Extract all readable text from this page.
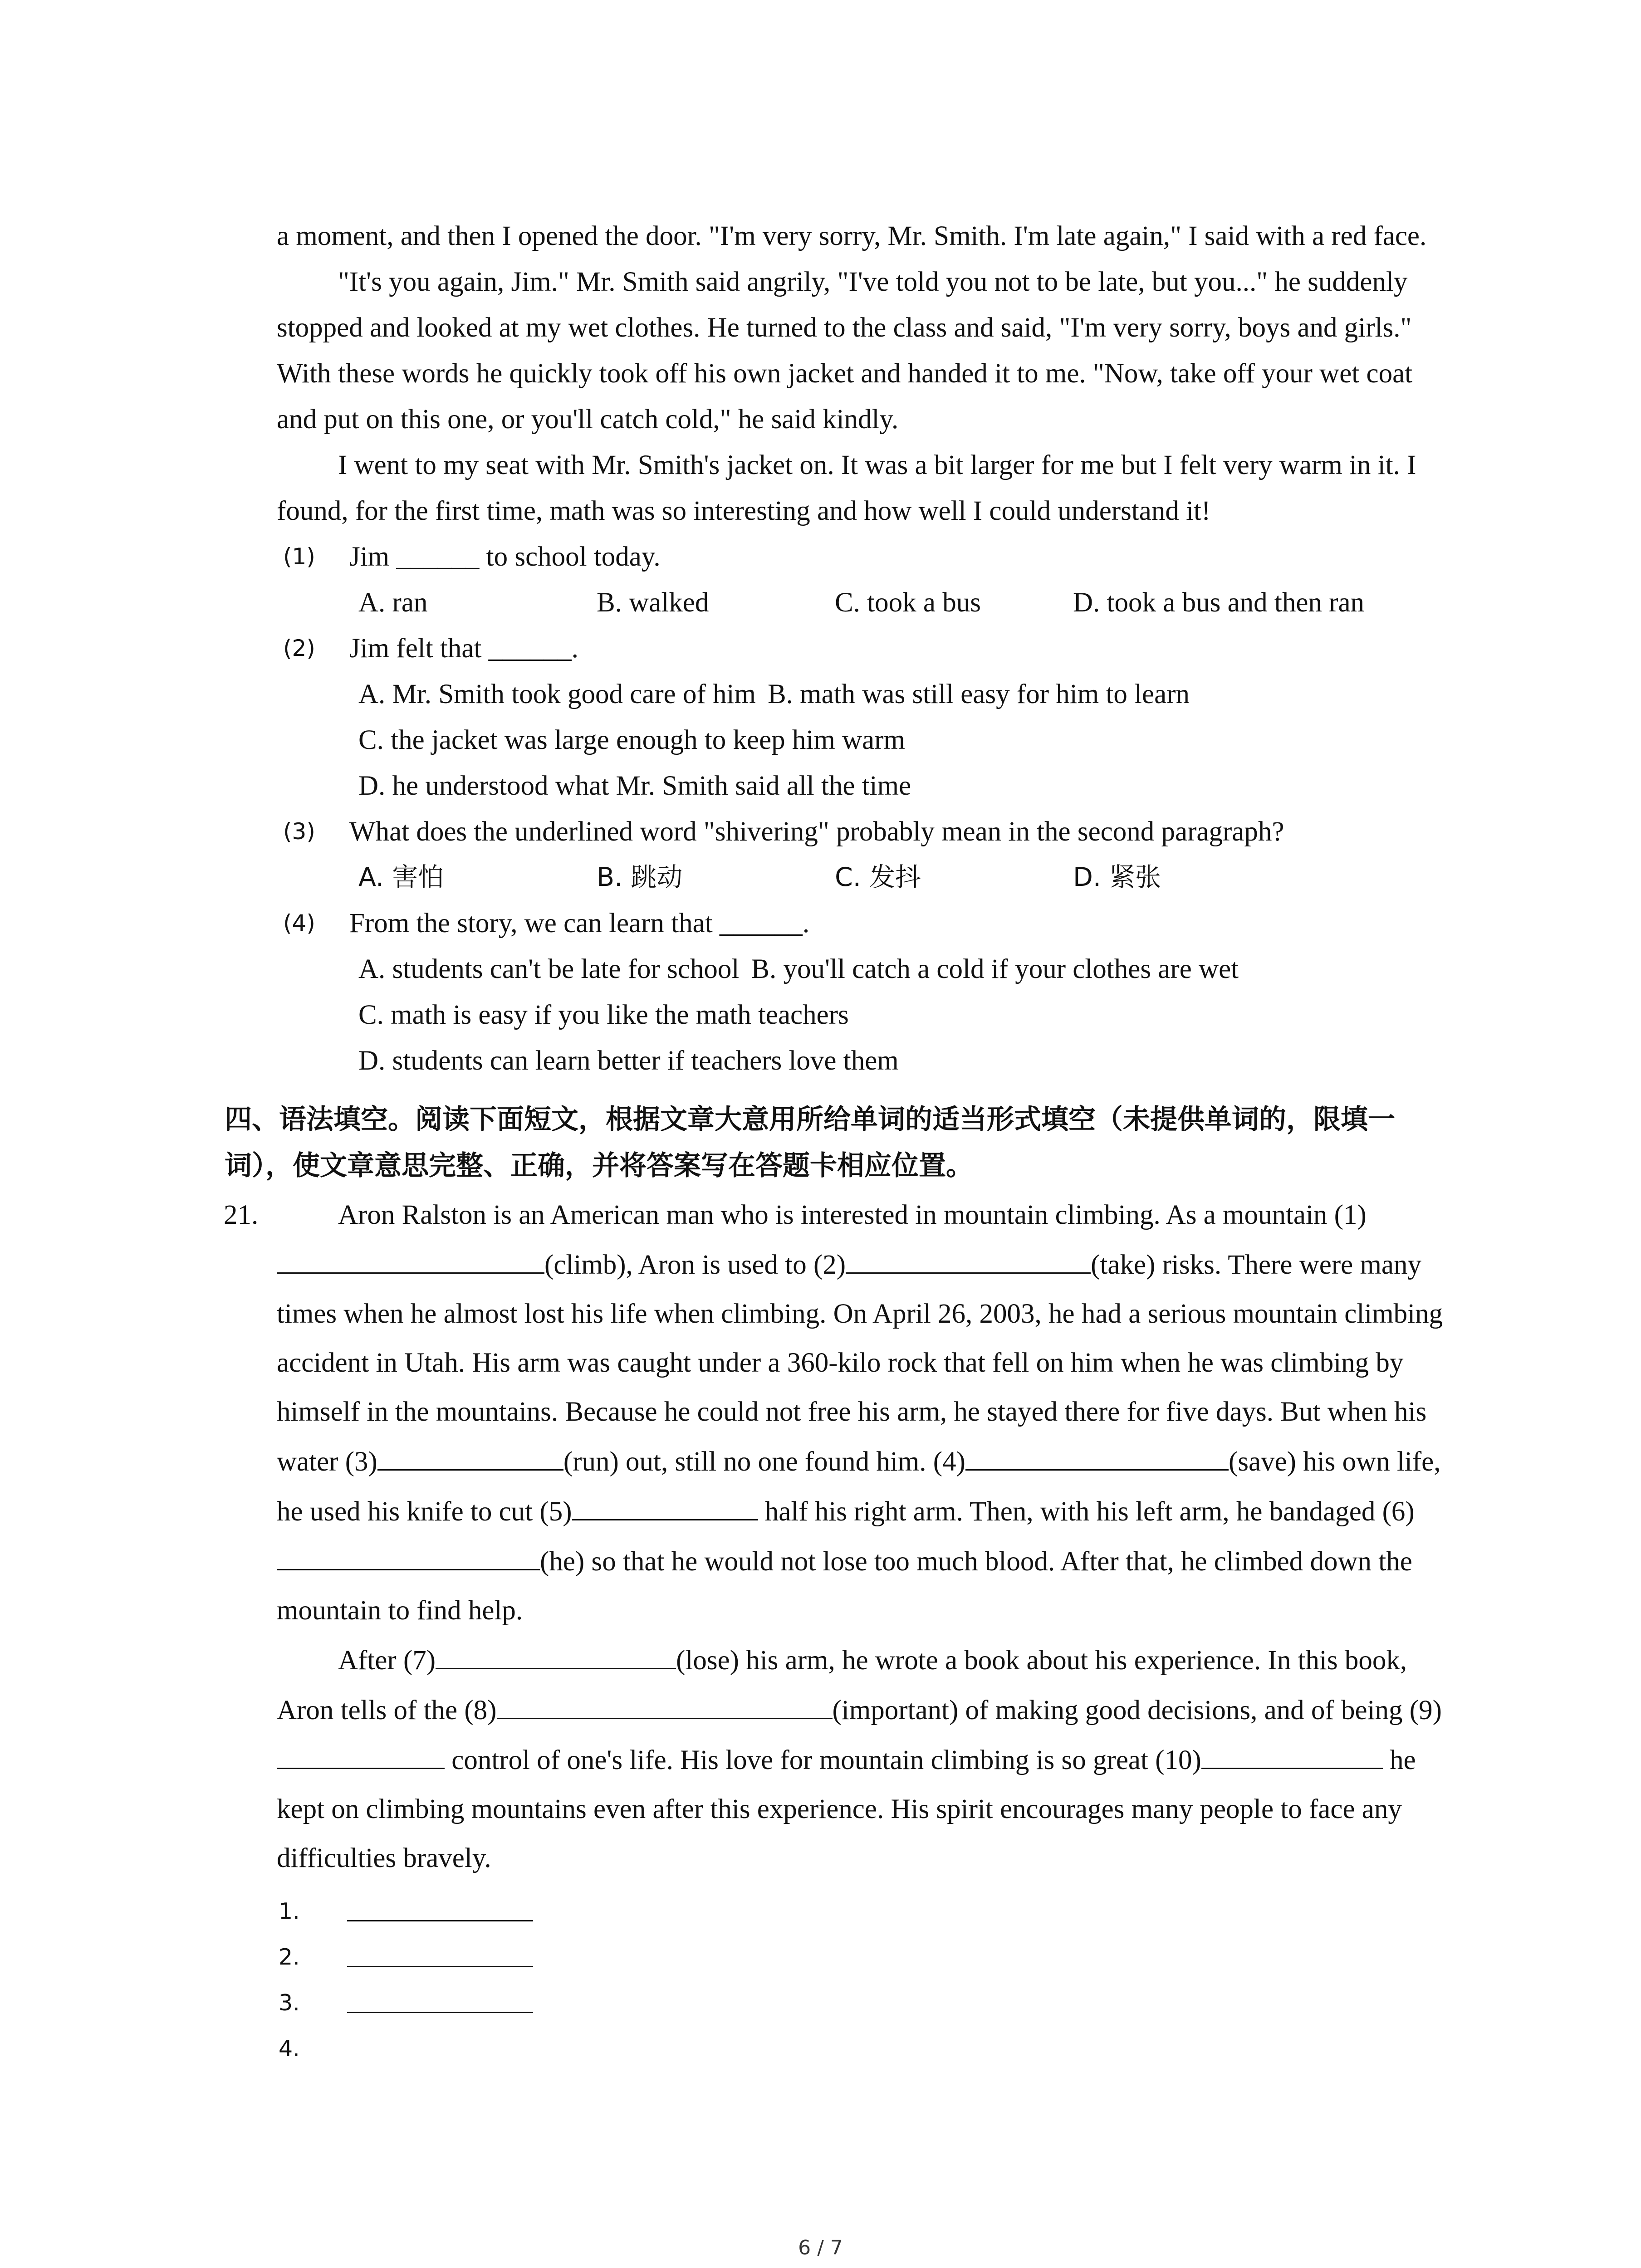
a moment, and then I opened the door. "I'm very sorry, Mr. Smith. I'm late again," I said with a red face.

"It's you again, Jim." Mr. Smith said angrily, "I've told you not to be late, but you..." he suddenly stopped and looked at my wet clothes. He turned to the class and said, "I'm very sorry, boys and girls." With these words he quickly took off his own jacket and handed it to me. "Now, take off your wet coat and put on this one, or you'll catch cold," he said kindly.

I went to my seat with Mr. Smith's jacket on. It was a bit larger for me but I felt very warm in it. I found, for the first time, math was so interesting and how well I could understand it!

(1) Jim ______ to school today.
A. ran	B. walked	C. took a bus	D. took a bus and then ran
(2) Jim felt that ______.
A. Mr. Smith took good care of him B. math was still easy for him to learn
C. the jacket was large enough to keep him warm
D. he understood what Mr. Smith said all the time
(3) What does the underlined word "shivering" probably mean in the second paragraph?
A. 害怕	B. 跳动	C. 发抖	D. 紧张
(4) From the story, we can learn that ______.
A. students can't be late for school B. you'll catch a cold if your clothes are wet
C. math is easy if you like the math teachers
D. students can learn better if teachers love them
四、语法填空。阅读下面短文，根据文章大意用所给单词的适当形式填空（未提供单词的，限填一词），使文章意思完整、正确，并将答案写在答题卡相应位置。
21.	Aron Ralston is an American man who is interested in mountain climbing. As a mountain (1)(climb), Aron is used to (2)	(take) risks. There were many times when he almost lost his life when climbing. On April 26, 2003, he had a serious mountain climbing accident in Utah. His arm was caught under a 360-kilo rock that fell on him when he was climbing by himself in the mountains. Because he could not free his arm, he stayed there for five days. But when his water (3)	(run) out, still no one found him. (4)	(save) his own life, he used his knife to cut (5)	half his right arm. Then, with his left arm, he bandaged (6)(he) so that he would not lose too much blood. After that, he climbed down the mountain to find help.

After (7)	(lose) his arm, he wrote a book about his experience. In this book, Aron tells of the (8)	(important) of making good decisions, and of being (9) control of one's life. His love for mountain climbing is so great (10)	he kept on climbing mountains even after this experience. His spirit encourages many people to face any difficulties bravely.

1.
2.
3.
4.
6 / 7
